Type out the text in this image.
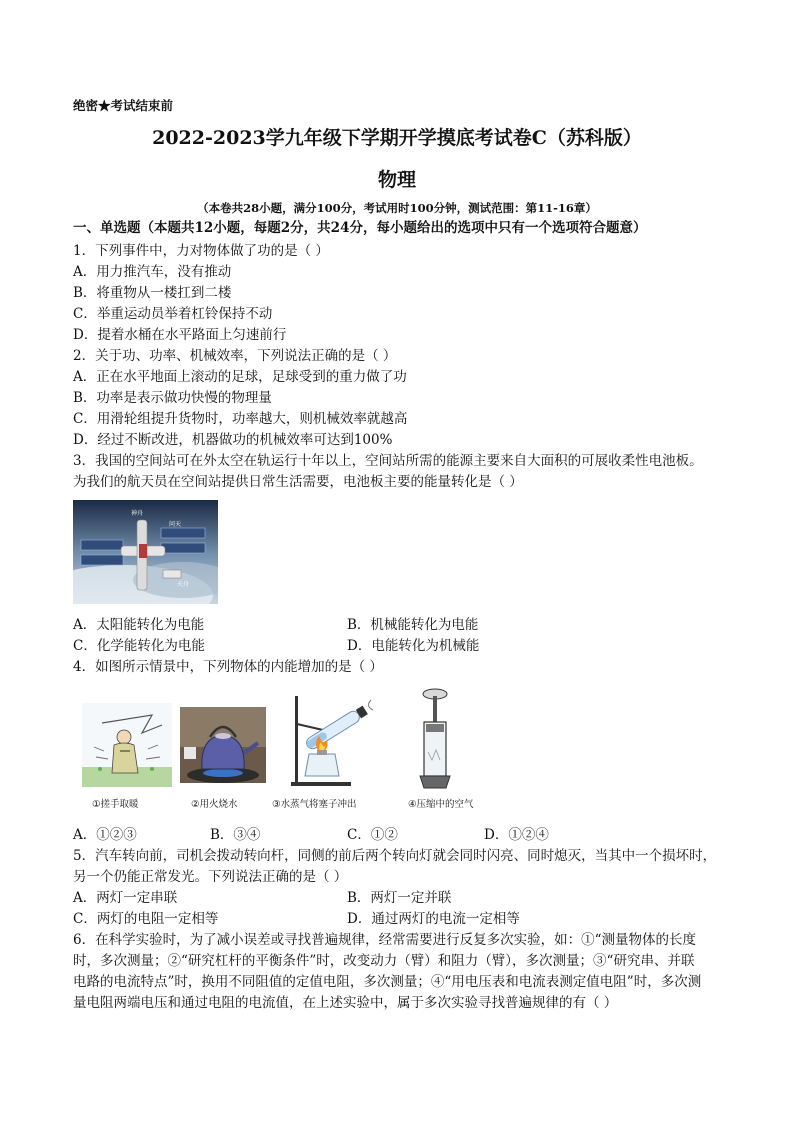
绝密★考试结束前
2022-2023学九年级下学期开学摸底考试卷C（苏科版）
物理
（本卷共28小题，满分100分，考试用时100分钟，测试范围：第11-16章）
一、单选题（本题共12小题，每题2分，共24分，每小题给出的选项中只有一个选项符合题意）
1．下列事件中，力对物体做了功的是（ ）
A．用力推汽车，没有推动
B．将重物从一楼扛到二楼
C．举重运动员举着杠铃保持不动
D．提着水桶在水平路面上匀速前行
2．关于功、功率、机械效率，下列说法正确的是（ ）
A．正在水平地面上滚动的足球，足球受到的重力做了功
B．功率是表示做功快慢的物理量
C．用滑轮组提升货物时，功率越大，则机械效率就越高
D．经过不断改进，机器做功的机械效率可达到100%
3．我国的空间站可在外太空在轨运行十年以上，空间站所需的能源主要来自大面积的可展收柔性电池板。
为我们的航天员在空间站提供日常生活需要，电池板主要的能量转化是（ ）
神舟
问天
天舟
A．太阳能转化为电能	B．机械能转化为电能
C．化学能转化为电能	D．电能转化为机械能
4．如图所示情景中，下列物体的内能增加的是（ ）
①搓手取暖	②用火烧水	③水蒸气将塞子冲出	④压缩中的空气
A．①②③	B．③④	C．①②	D．①②④
5．汽车转向前，司机会拨动转向杆，同侧的前后两个转向灯就会同时闪亮、同时熄灭，当其中一个损坏时，
另一个仍能正常发光。下列说法正确的是（ ）
A．两灯一定串联	B．两灯一定并联
C．两灯的电阻一定相等	D．通过两灯的电流一定相等
6．在科学实验时，为了减小误差或寻找普遍规律，经常需要进行反复多次实验，如：①“测量物体的长度
时，多次测量；②“研究杠杆的平衡条件”时，改变动力（臂）和阻力（臂），多次测量；③“研究串、并联
电路的电流特点”时，换用不同阻值的定值电阻，多次测量；④“用电压表和电流表测定值电阻”时，多次测
量电阻两端电压和通过电阻的电流值，在上述实验中，属于多次实验寻找普遍规律的有（ ）
